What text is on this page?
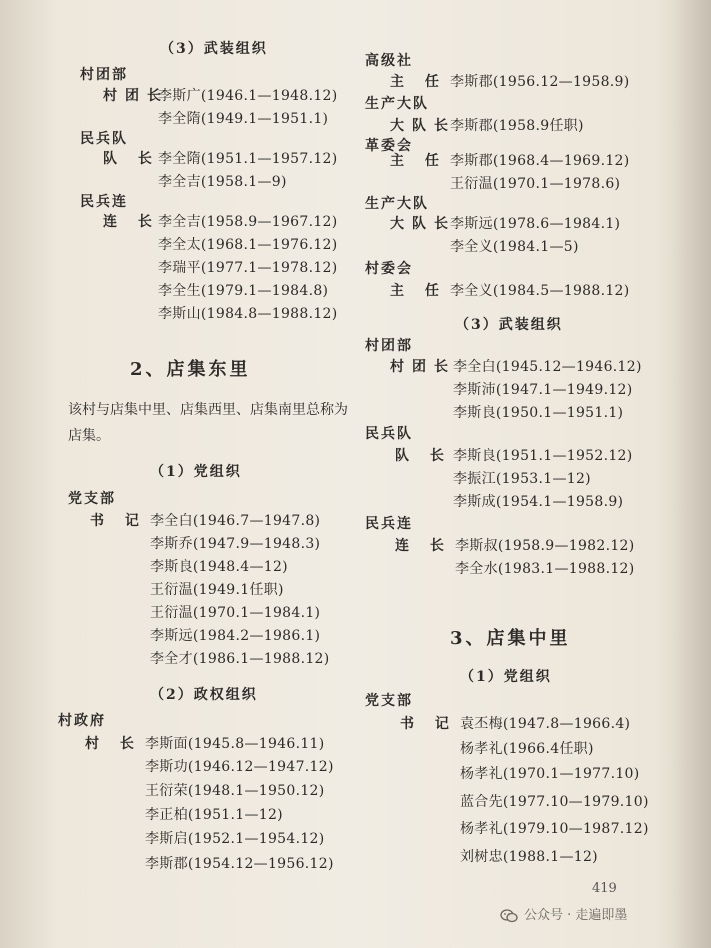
（3）武装组织
村团部
村团长
李斯广(1946.1—1948.12)
李全隋(1949.1—1951.1)
民兵队
队 长
李全隋(1951.1—1957.12)
李全吉(1958.1—9)
民兵连
连 长
李全吉(1958.9—1967.12)
李全太(1968.1—1976.12)
李瑞平(1977.1—1978.12)
李全生(1979.1—1984.8)
李斯山(1984.8—1988.12)
2、店集东里
该村与店集中里、店集西里、店集南里总称为店集。
（1）党组织
党支部
书 记 李全白(1946.7—1947.8)
李斯乔(1947.9—1948.3)
李斯良(1948.4—12)
王衍温(1949.1任职)
王衍温(1970.1—1984.1)
李斯远(1984.2—1986.1)
李全才(1986.1—1988.12)
（2）政权组织
村政府
村 长 李斯面(1945.8—1946.11)
李斯功(1946.12—1947.12)
王衍荣(1948.1—1950.12)
李正柏(1951.1—12)
李斯启(1952.1—1954.12)
李斯郡(1954.12—1956.12)
高级社
主 任 李斯郡(1956.12—1958.9)
生产大队
大队长
李斯郡(1958.9任职)
革委会
主 任 李斯郡(1968.4—1969.12)
王衍温(1970.1—1978.6)
生产大队
大队长
李斯远(1978.6—1984.1)
李全义(1984.1—5)
村委会
主 任 李全义(1984.5—1988.12)
（3）武装组织
村团部
村团长
李全白(1945.12—1946.12)
李斯沛(1947.1—1949.12)
李斯良(1950.1—1951.1)
民兵队
队 长 李斯良(1951.1—1952.12)
李振江(1953.1—12)
李斯成(1954.1—1958.9)
民兵连
连 长 李斯叔(1958.9—1982.12)
李全水(1983.1—1988.12)
3、店集中里
（1）党组织
党支部
书 记 袁丕梅(1947.8—1966.4)
杨孝礼(1966.4任职)
杨孝礼(1970.1—1977.10)
蓝合先(1977.10—1979.10)
杨孝礼(1979.10—1987.12)
刘树忠(1988.1—12)
419
公众号 · 走遍即墨
